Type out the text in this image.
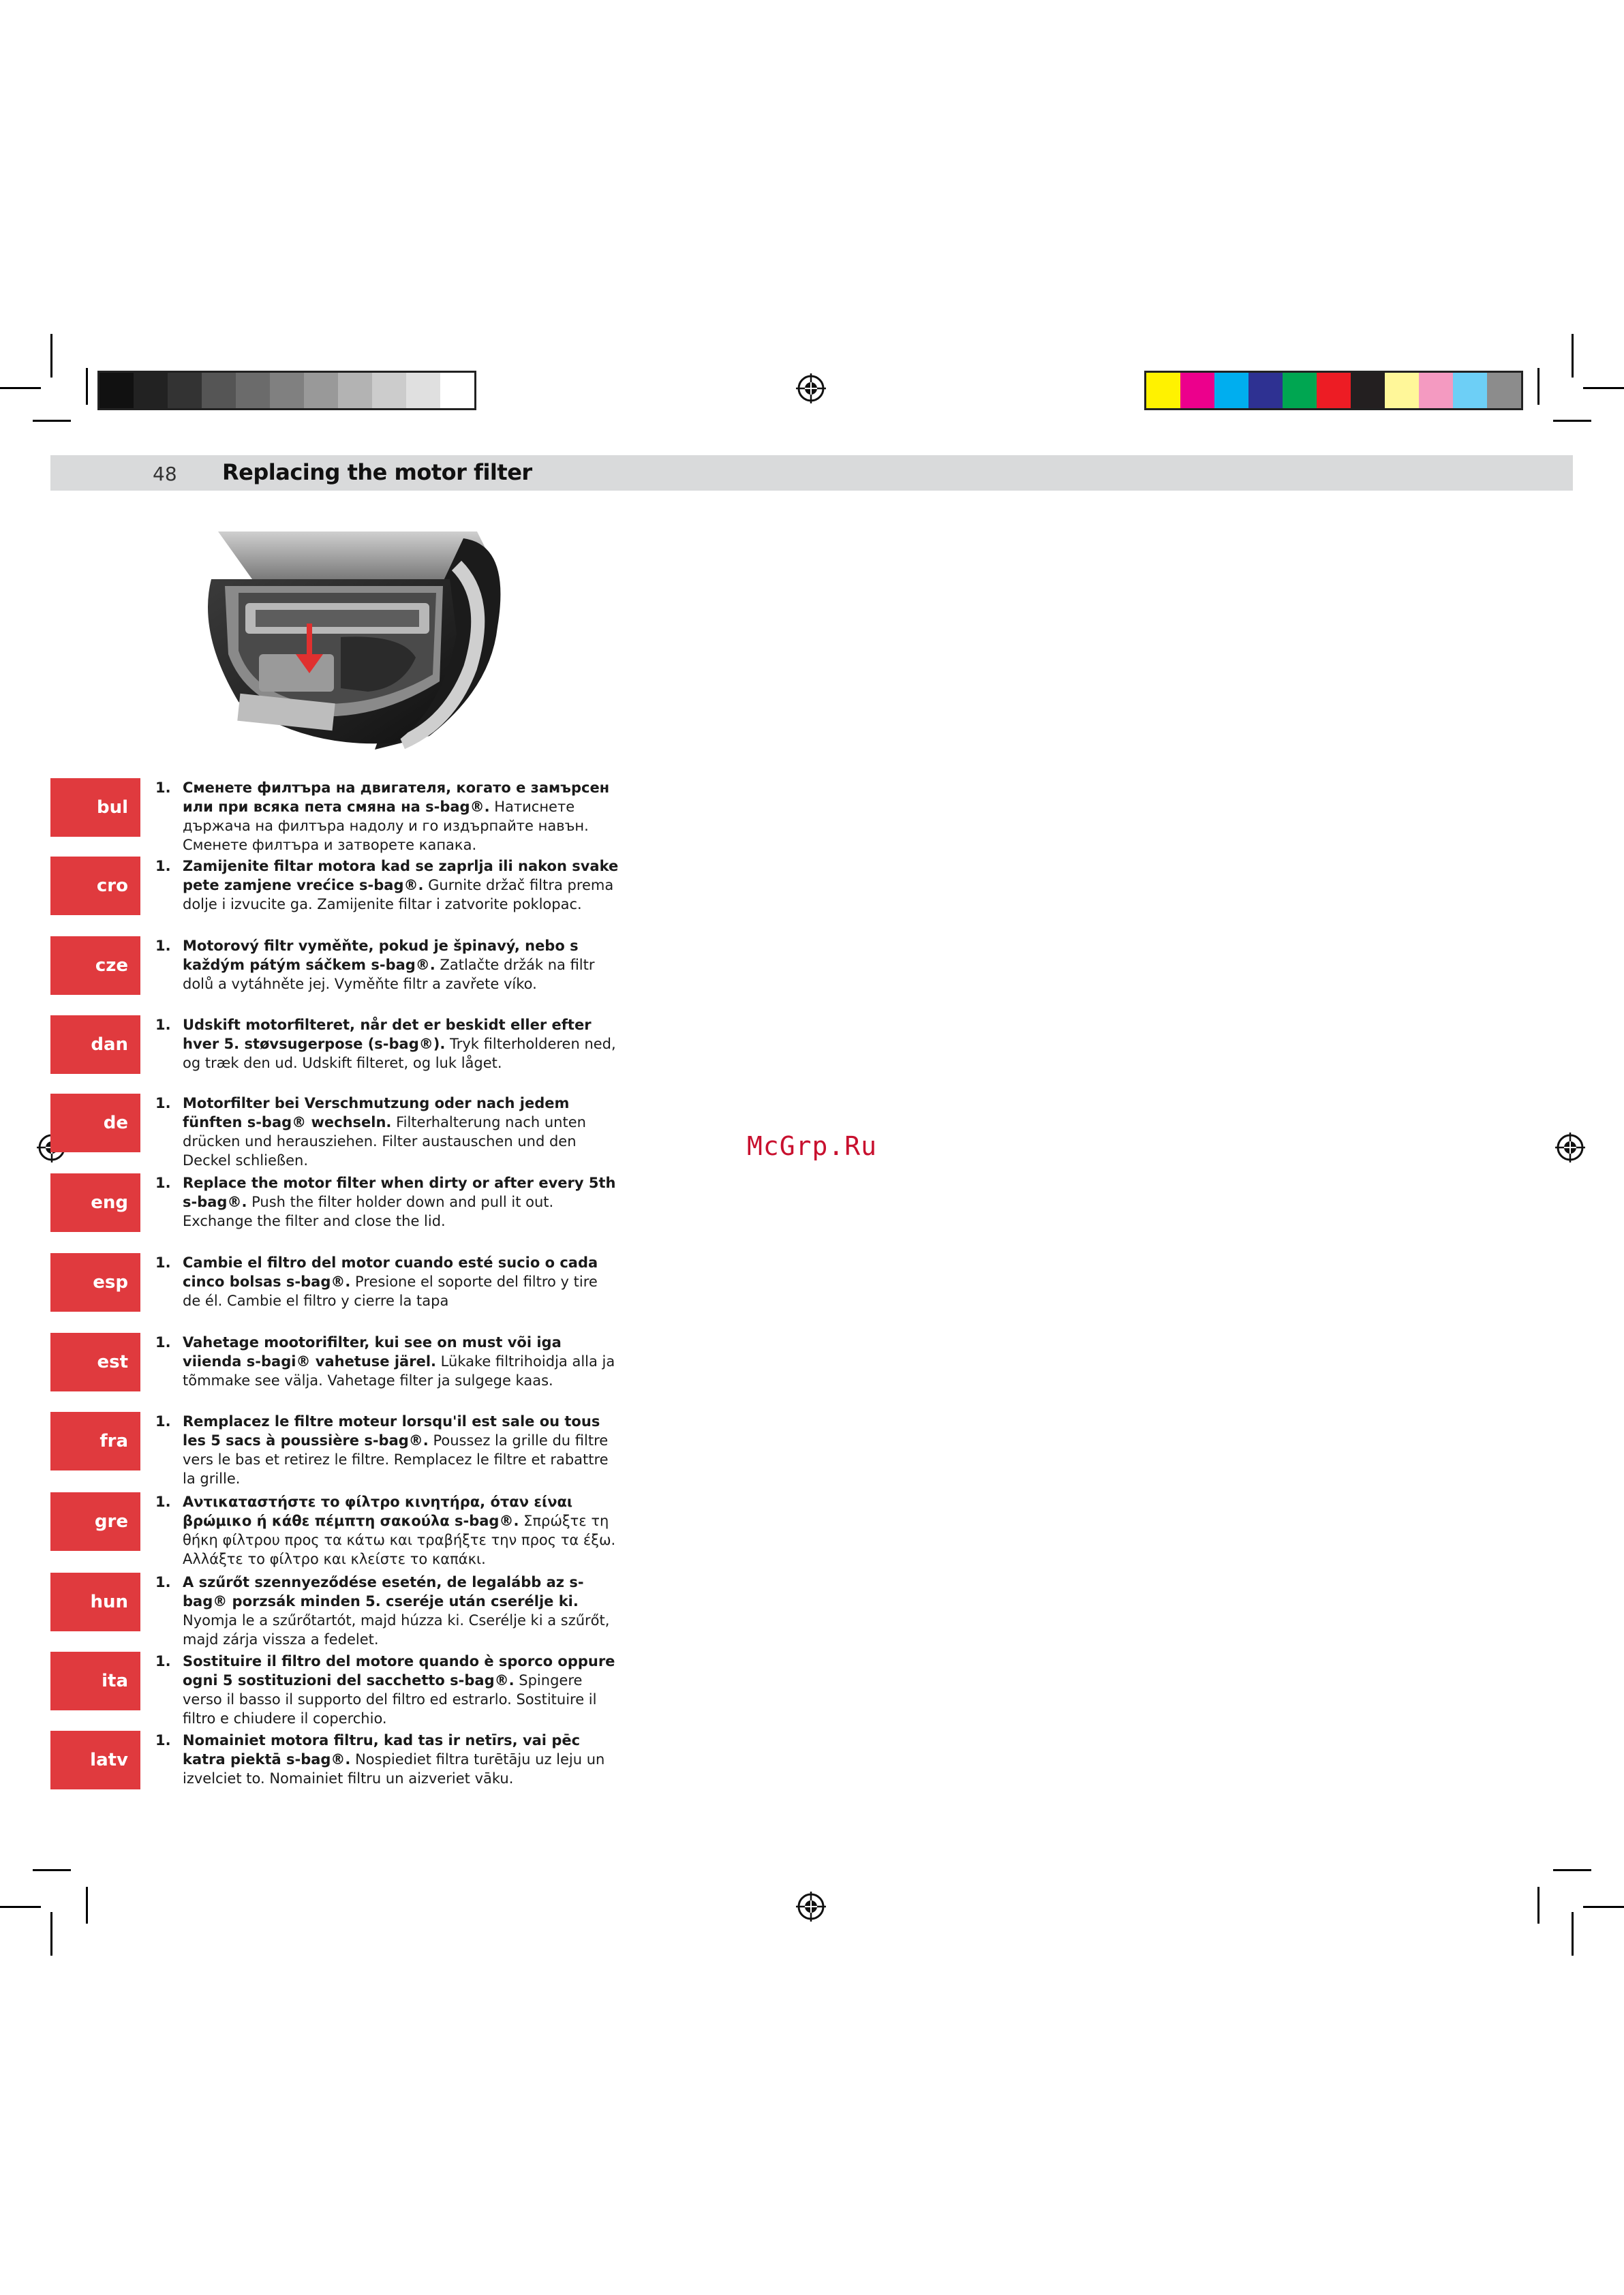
48 Replacing the motor filter
McGrp.Ru
bul
1. Сменете филтъра на двигателя, когато е замърсен или при всяка пета смяна на s-bag®. Натиснете държача на филтъра надолу и го издърпайте навън. Сменете филтъра и затворете капака.
cro
1. Zamijenite filtar motora kad se zaprlja ili nakon svake pete zamjene vrećice s-bag®. Gurnite držač filtra prema dolje i izvucite ga. Zamijenite filtar i zatvorite poklopac.
cze
1. Motorový filtr vyměňte, pokud je špinavý, nebo s každým pátým sáčkem s-bag®. Zatlačte držák na filtr dolů a vytáhněte jej. Vyměňte filtr a zavřete víko.
dan
1. Udskift motorfilteret, når det er beskidt eller efter hver 5. støvsugerpose (s-bag®). Tryk filterholderen ned, og træk den ud. Udskift filteret, og luk låget.
de
1. Motorfilter bei Verschmutzung oder nach jedem fünften s-bag® wechseln. Filterhalterung nach unten drücken und herausziehen. Filter austauschen und den Deckel schließen.
eng
1. Replace the motor filter when dirty or after every 5th s-bag®. Push the filter holder down and pull it out. Exchange the filter and close the lid.
esp
1. Cambie el filtro del motor cuando esté sucio o cada cinco bolsas s-bag®. Presione el soporte del filtro y tire de él. Cambie el filtro y cierre la tapa
est
1. Vahetage mootorifilter, kui see on must või iga viienda s-bagi® vahetuse järel. Lükake filtrihoidja alla ja tõmmake see välja. Vahetage filter ja sulgege kaas.
fra
1. Remplacez le filtre moteur lorsqu'il est sale ou tous les 5 sacs à poussière s-bag®. Poussez la grille du filtre vers le bas et retirez le filtre. Remplacez le filtre et rabattre la grille.
gre
1. Αντικαταστήστε το φίλτρο κινητήρα, όταν είναι βρώμικο ή κάθε πέμπτη σακούλα s-bag®. Σπρώξτε τη θήκη φίλτρου προς τα κάτω και τραβήξτε την προς τα έξω. Αλλάξτε το φίλτρο και κλείστε το καπάκι.
hun
1. A szűrőt szennyeződése esetén, de legalább az s-bag® porzsák minden 5. cseréje után cserélje ki. Nyomja le a szűrőtartót, majd húzza ki. Cserélje ki a szűrőt, majd zárja vissza a fedelet.
ita
1. Sostituire il filtro del motore quando è sporco oppure ogni 5 sostituzioni del sacchetto s-bag®. Spingere verso il basso il supporto del filtro ed estrarlo. Sostituire il filtro e chiudere il coperchio.
latv
1. Nomainiet motora filtru, kad tas ir netīrs, vai pēc katra piektā s-bag®. Nospiediet filtra turētāju uz leju un izvelciet to. Nomainiet filtru un aizveriet vāku.
